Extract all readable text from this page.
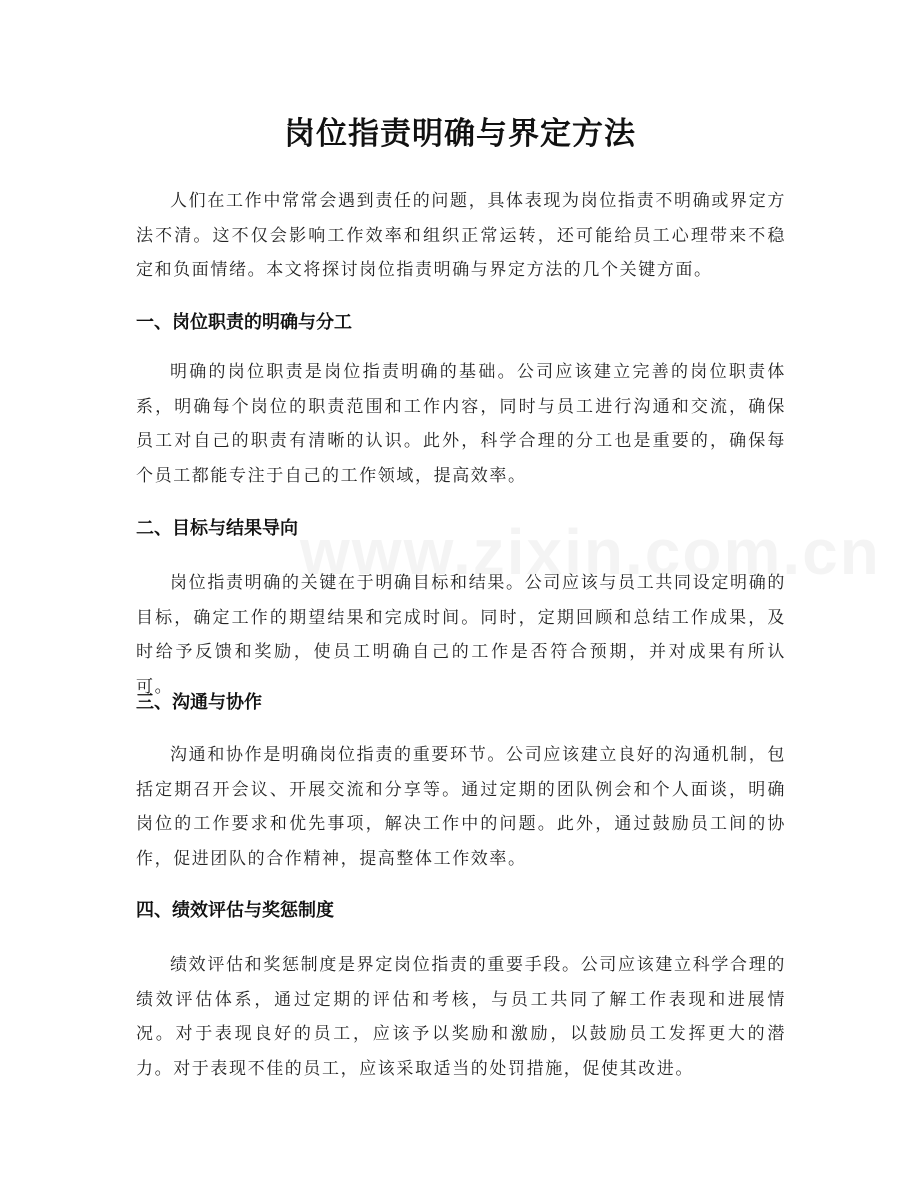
岗位指责明确与界定方法

人们在工作中常常会遇到责任的问题，具体表现为岗位指责不明确或界定方法不清。这不仅会影响工作效率和组织正常运转，还可能给员工心理带来不稳定和负面情绪。本文将探讨岗位指责明确与界定方法的几个关键方面。

一、岗位职责的明确与分工

明确的岗位职责是岗位指责明确的基础。公司应该建立完善的岗位职责体系，明确每个岗位的职责范围和工作内容，同时与员工进行沟通和交流，确保员工对自己的职责有清晰的认识。此外，科学合理的分工也是重要的，确保每个员工都能专注于自己的工作领域，提高效率。

二、目标与结果导向

岗位指责明确的关键在于明确目标和结果。公司应该与员工共同设定明确的目标，确定工作的期望结果和完成时间。同时，定期回顾和总结工作成果，及时给予反馈和奖励，使员工明确自己的工作是否符合预期，并对成果有所认可。

三、沟通与协作

沟通和协作是明确岗位指责的重要环节。公司应该建立良好的沟通机制，包括定期召开会议、开展交流和分享等。通过定期的团队例会和个人面谈，明确岗位的工作要求和优先事项，解决工作中的问题。此外，通过鼓励员工间的协作，促进团队的合作精神，提高整体工作效率。

四、绩效评估与奖惩制度

绩效评估和奖惩制度是界定岗位指责的重要手段。公司应该建立科学合理的绩效评估体系，通过定期的评估和考核，与员工共同了解工作表现和进展情况。对于表现良好的员工，应该予以奖励和激励，以鼓励员工发挥更大的潜力。对于表现不佳的员工，应该采取适当的处罚措施，促使其改进。
